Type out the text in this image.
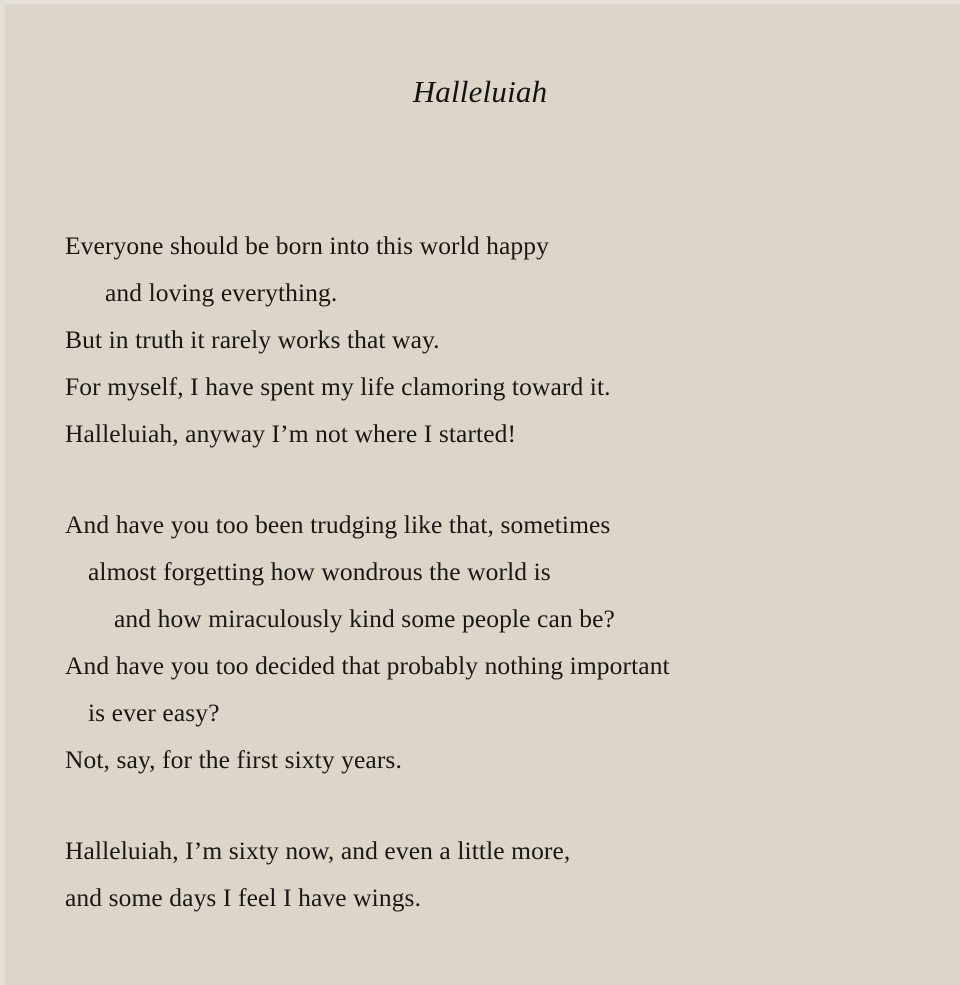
Halleluiah
Everyone should be born into this world happy
and loving everything.
But in truth it rarely works that way.
For myself, I have spent my life clamoring toward it.
Halleluiah, anyway I’m not where I started!
And have you too been trudging like that, sometimes
almost forgetting how wondrous the world is
and how miraculously kind some people can be?
And have you too decided that probably nothing important
is ever easy?
Not, say, for the first sixty years.
Halleluiah, I’m sixty now, and even a little more,
and some days I feel I have wings.
